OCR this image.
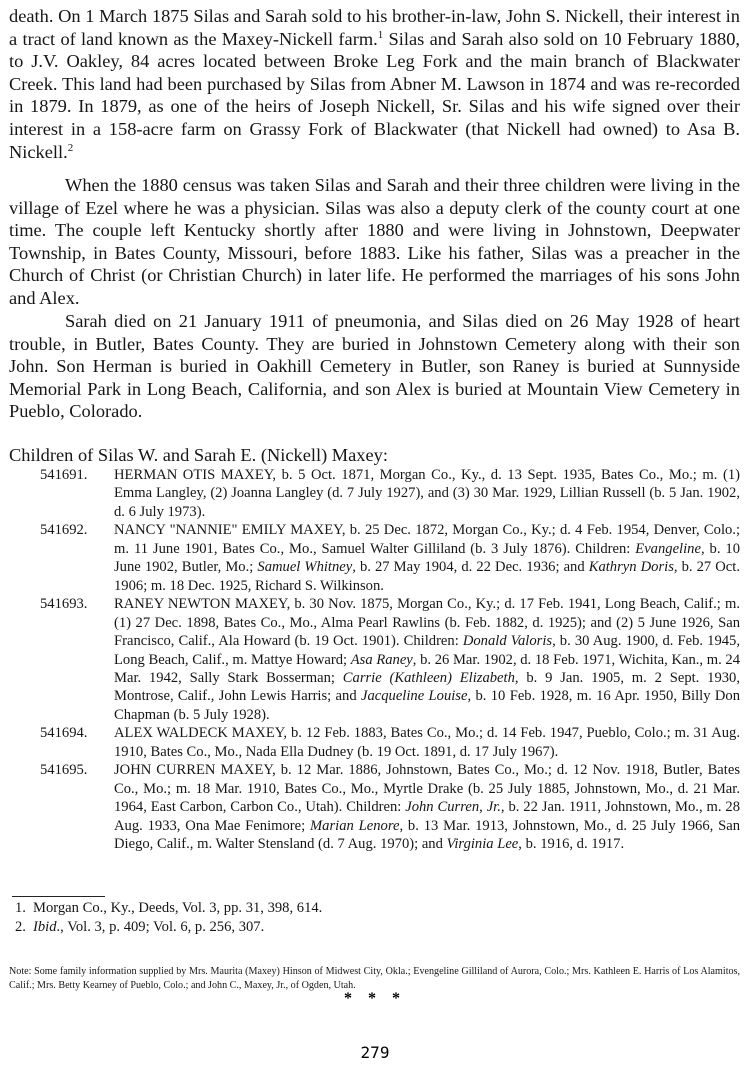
death. On 1 March 1875 Silas and Sarah sold to his brother-in-law, John S. Nickell, their interest in a tract of land known as the Maxey-Nickell farm.$^1$ Silas and Sarah also sold on 10 February 1880, to J.V. Oakley, 84 acres located between Broke Leg Fork and the main branch of Blackwater Creek. This land had been purchased by Silas from Abner M. Lawson in 1874 and was re-recorded in 1879. In 1879, as one of the heirs of Joseph Nickell, Sr. Silas and his wife signed over their interest in a 158-acre farm on Grassy Fork of Blackwater (that Nickell had owned) to Asa B. Nickell.$^2$

When the 1880 census was taken Silas and Sarah and their three children were living in the village of Ezel where he was a physician. Silas was also a deputy clerk of the county court at one time. The couple left Kentucky shortly after 1880 and were living in Johnstown, Deepwater Township, in Bates County, Missouri, before 1883. Like his father, Silas was a preacher in the Church of Christ (or Christian Church) in later life. He performed the marriages of his sons John and Alex.

Sarah died on 21 January 1911 of pneumonia, and Silas died on 26 May 1928 of heart trouble, in Butler, Bates County. They are buried in Johnstown Cemetery along with their son John. Son Herman is buried in Oakhill Cemetery in Butler, son Raney is buried at Sunnyside Memorial Park in Long Beach, California, and son Alex is buried at Mountain View Cemetery in Pueblo, Colorado.

Children of Silas W. and Sarah E. (Nickell) Maxey:

541691. HERMAN OTIS MAXEY, b. 5 Oct. 1871, Morgan Co., Ky., d. 13 Sept. 1935, Bates Co., Mo.; m. (1) Emma Langley, (2) Joanna Langley (d. 7 July 1927), and (3) 30 Mar. 1929, Lillian Russell (b. 5 Jan. 1902, d. 6 July 1973).
541692. NANCY "NANNIE" EMILY MAXEY, b. 25 Dec. 1872, Morgan Co., Ky.; d. 4 Feb. 1954, Denver, Colo.; m. 11 June 1901, Bates Co., Mo., Samuel Walter Gilliland (b. 3 July 1876). Children: Evangeline, b. 10 June 1902, Butler, Mo.; Samuel Whitney, b. 27 May 1904, d. 22 Dec. 1936; and Kathryn Doris, b. 27 Oct. 1906; m. 18 Dec. 1925, Richard S. Wilkinson.
541693. RANEY NEWTON MAXEY, b. 30 Nov. 1875, Morgan Co., Ky.; d. 17 Feb. 1941, Long Beach, Calif.; m. (1) 27 Dec. 1898, Bates Co., Mo., Alma Pearl Rawlins (b. Feb. 1882, d. 1925); and (2) 5 June 1926, San Francisco, Calif., Ala Howard (b. 19 Oct. 1901). Children: Donald Valoris, b. 30 Aug. 1900, d. Feb. 1945, Long Beach, Calif., m. Mattye Howard; Asa Raney, b. 26 Mar. 1902, d. 18 Feb. 1971, Wichita, Kan., m. 24 Mar. 1942, Sally Stark Bosserman; Carrie (Kathleen) Elizabeth, b. 9 Jan. 1905, m. 2 Sept. 1930, Montrose, Calif., John Lewis Harris; and Jacqueline Louise, b. 10 Feb. 1928, m. 16 Apr. 1950, Billy Don Chapman (b. 5 July 1928).
541694. ALEX WALDECK MAXEY, b. 12 Feb. 1883, Bates Co., Mo.; d. 14 Feb. 1947, Pueblo, Colo.; m. 31 Aug. 1910, Bates Co., Mo., Nada Ella Dudney (b. 19 Oct. 1891, d. 17 July 1967).
541695. JOHN CURREN MAXEY, b. 12 Mar. 1886, Johnstown, Bates Co., Mo.; d. 12 Nov. 1918, Butler, Bates Co., Mo.; m. 18 Mar. 1910, Bates Co., Mo., Myrtle Drake (b. 25 July 1885, Johnstown, Mo., d. 21 Mar. 1964, East Carbon, Carbon Co., Utah). Children: John Curren, Jr., b. 22 Jan. 1911, Johnstown, Mo., m. 28 Aug. 1933, Ona Mae Fenimore; Marian Lenore, b. 13 Mar. 1913, Johnstown, Mo., d. 25 July 1966, San Diego, Calif., m. Walter Stensland (d. 7 Aug. 1970); and Virginia Lee, b. 1916, d. 1917.
1. Morgan Co., Ky., Deeds, Vol. 3, pp. 31, 398, 614.
2. Ibid., Vol. 3, p. 409; Vol. 6, p. 256, 307.

Note: Some family information supplied by Mrs. Maurita (Maxey) Hinson of Midwest City, Okla.; Evengeline Gilliland of Aurora, Colo.; Mrs. Kathleen E. Harris of Los Alamitos, Calif.; Mrs. Betty Kearney of Pueblo, Colo.; and John C., Maxey, Jr., of Ogden, Utah.

* * *
279
